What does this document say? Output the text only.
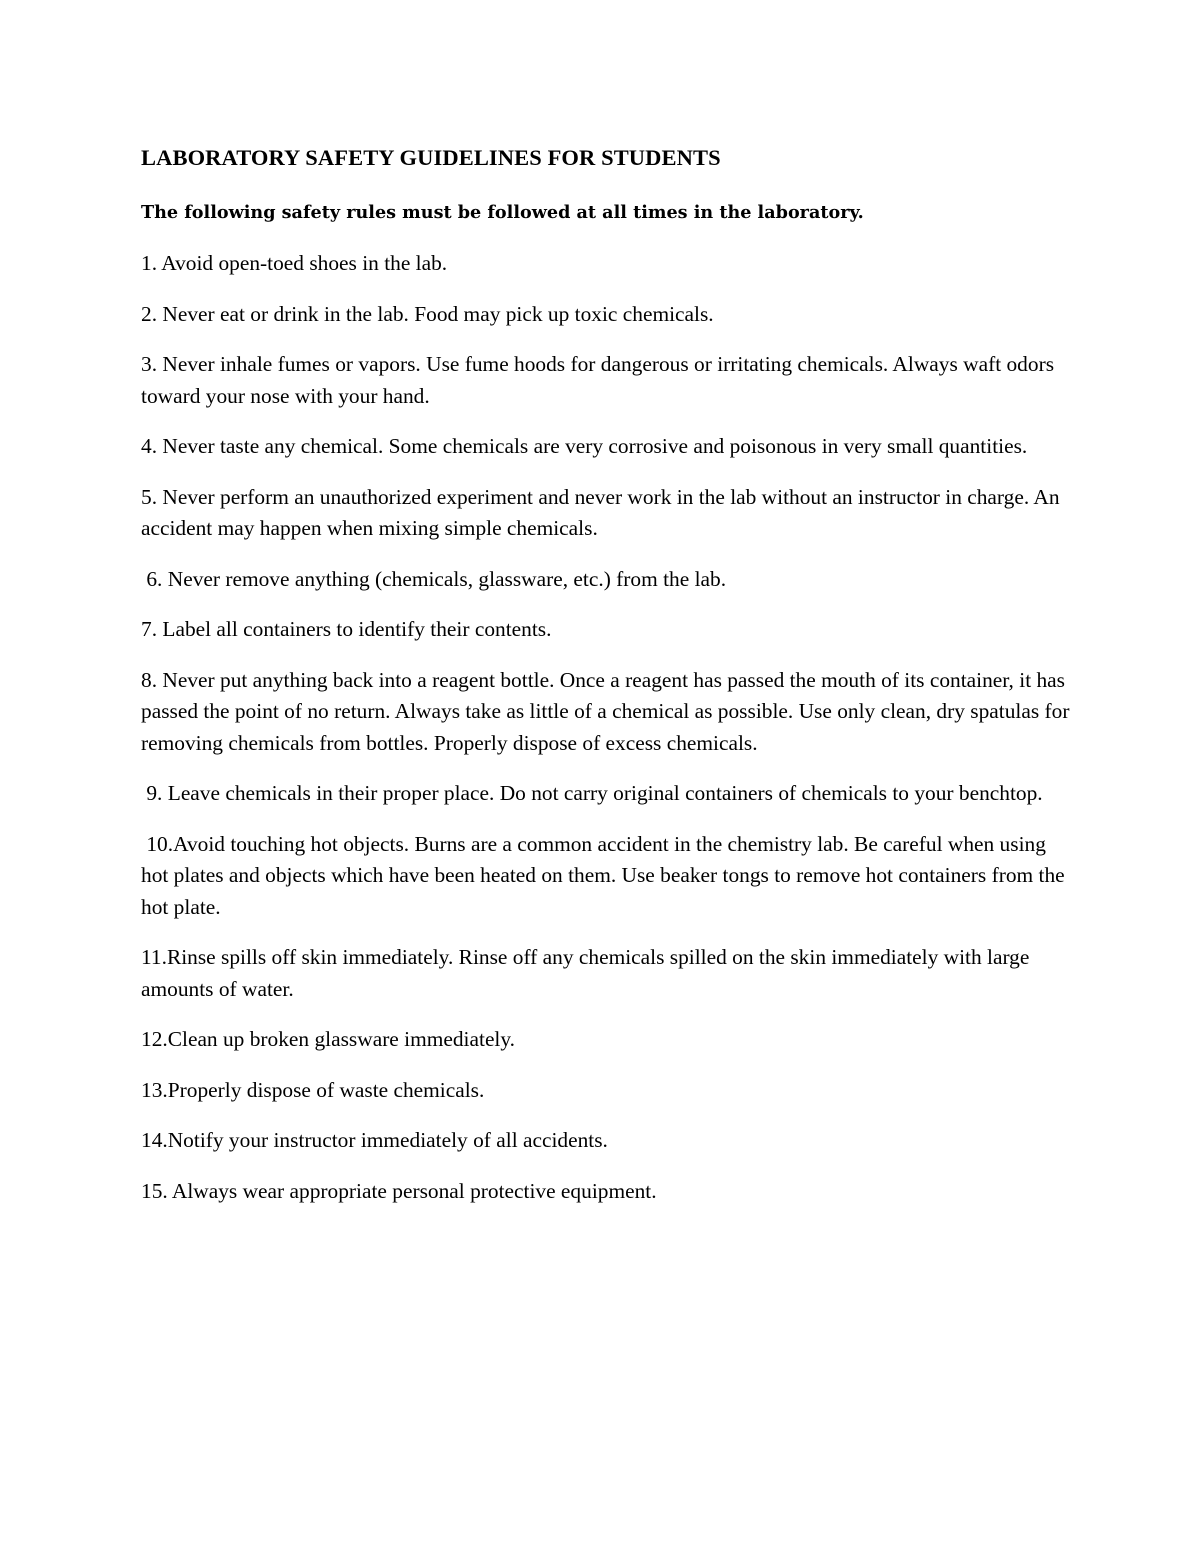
LABORATORY SAFETY GUIDELINES FOR STUDENTS

The following safety rules must be followed at all times in the laboratory.

1. Avoid open-toed shoes in the lab.

2. Never eat or drink in the lab. Food may pick up toxic chemicals.

3. Never inhale fumes or vapors. Use fume hoods for dangerous or irritating chemicals. Always waft odors toward your nose with your hand.

4. Never taste any chemical. Some chemicals are very corrosive and poisonous in very small quantities.

5. Never perform an unauthorized experiment and never work in the lab without an instructor in charge. An accident may happen when mixing simple chemicals.

6. Never remove anything (chemicals, glassware, etc.) from the lab.

7. Label all containers to identify their contents.

8. Never put anything back into a reagent bottle. Once a reagent has passed the mouth of its container, it has passed the point of no return. Always take as little of a chemical as possible. Use only clean, dry spatulas for removing chemicals from bottles. Properly dispose of excess chemicals.

9. Leave chemicals in their proper place. Do not carry original containers of chemicals to your benchtop.

10.Avoid touching hot objects. Burns are a common accident in the chemistry lab. Be careful when using hot plates and objects which have been heated on them. Use beaker tongs to remove hot containers from the hot plate.

11.Rinse spills off skin immediately. Rinse off any chemicals spilled on the skin immediately with large amounts of water.

12.Clean up broken glassware immediately.

13.Properly dispose of waste chemicals.

14.Notify your instructor immediately of all accidents.

15. Always wear appropriate personal protective equipment.
